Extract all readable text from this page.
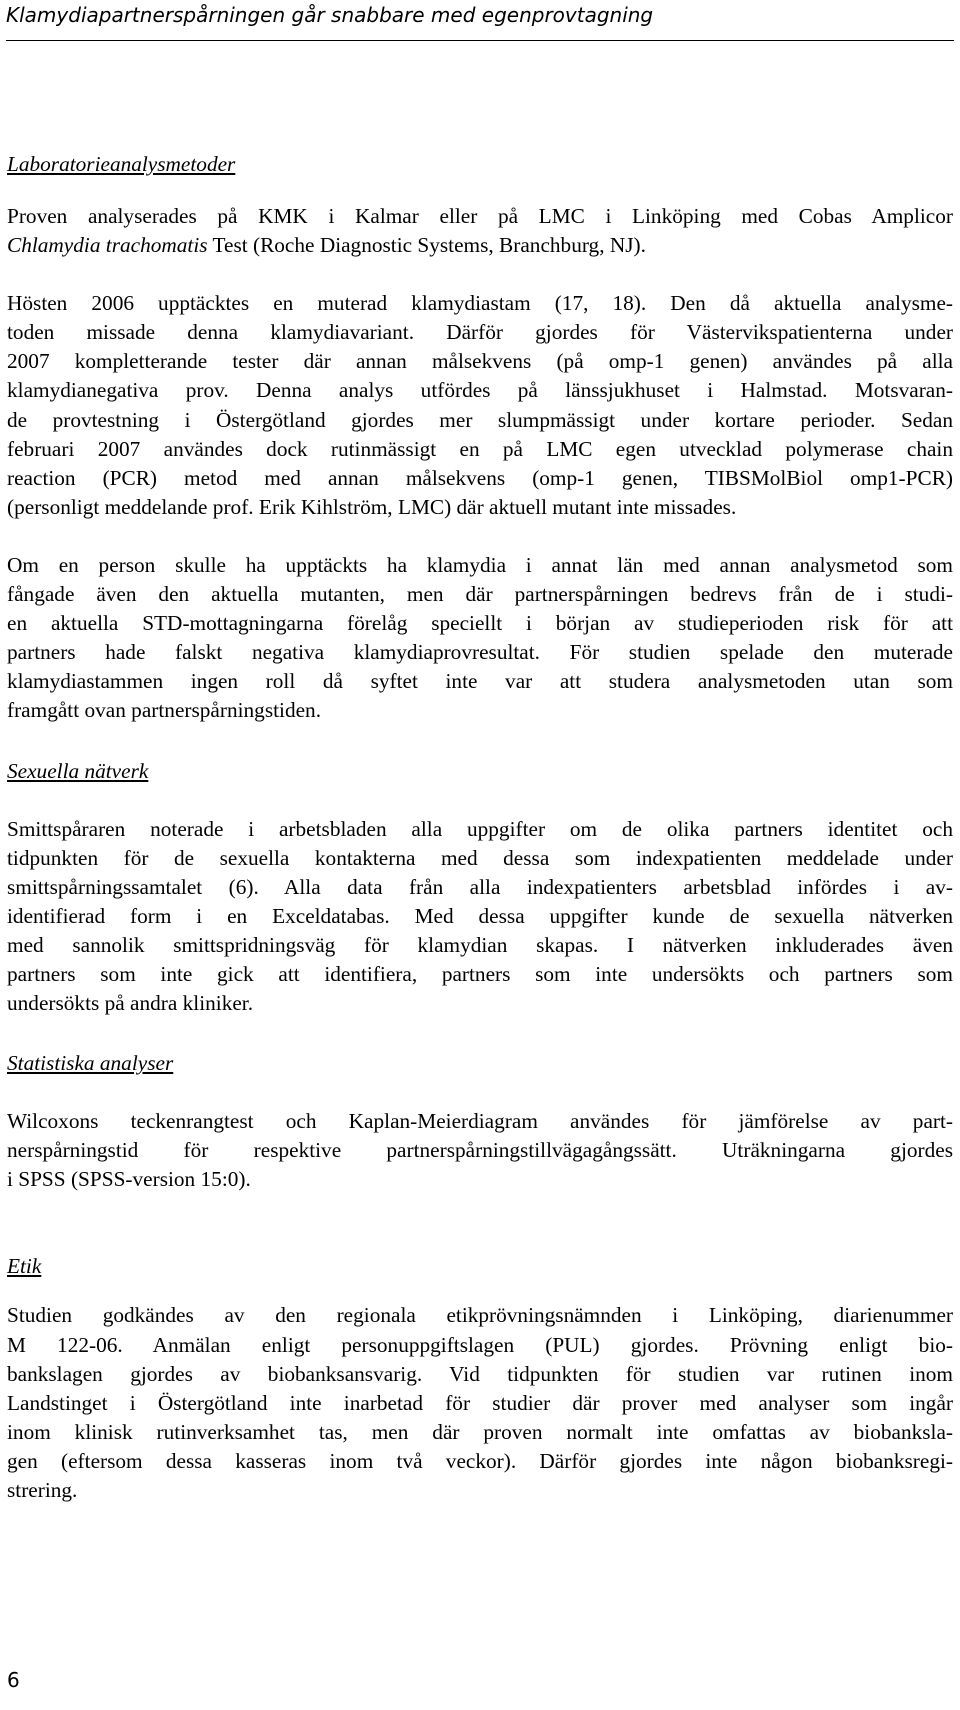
Klamydiapartnerspårningen går snabbare med egenprovtagning
Laboratorieanalysmetoder

Proven analyserades på KMK i Kalmar eller på LMC i Linköping med Cobas Amplicor
Chlamydia trachomatis Test (Roche Diagnostic Systems, Branchburg, NJ).

Hösten 2006 upptäcktes en muterad klamydiastam (17, 18). Den då aktuella analysme-
toden missade denna klamydiavariant. Därför gjordes för Västervikspatienterna under
2007 kompletterande tester där annan målsekvens (på omp-1 genen) användes på alla
klamydianegativa prov. Denna analys utfördes på länssjukhuset i Halmstad. Motsvaran-
de provtestning i Östergötland gjordes mer slumpmässigt under kortare perioder. Sedan
februari 2007 användes dock rutinmässigt en på LMC egen utvecklad polymerase chain
reaction (PCR) metod med annan målsekvens (omp-1 genen, TIBSMolBiol omp1-PCR)
(personligt meddelande prof. Erik Kihlström, LMC) där aktuell mutant inte missades.

Om en person skulle ha upptäckts ha klamydia i annat län med annan analysmetod som
fångade även den aktuella mutanten, men där partnerspårningen bedrevs från de i studi-
en aktuella STD-mottagningarna förelåg speciellt i början av studieperioden risk för att
partners hade falskt negativa klamydiaprovresultat. För studien spelade den muterade
klamydiastammen ingen roll då syftet inte var att studera analysmetoden utan som
framgått ovan partnerspårningstiden.

Sexuella nätverk

Smittspåraren noterade i arbetsbladen alla uppgifter om de olika partners identitet och
tidpunkten för de sexuella kontakterna med dessa som indexpatienten meddelade under
smittspårningssamtalet (6). Alla data från alla indexpatienters arbetsblad infördes i av-
identifierad form i en Exceldatabas. Med dessa uppgifter kunde de sexuella nätverken
med sannolik smittspridningsväg för klamydian skapas. I nätverken inkluderades även
partners som inte gick att identifiera, partners som inte undersökts och partners som
undersökts på andra kliniker.

Statistiska analyser

Wilcoxons teckenrangtest och Kaplan-Meierdiagram användes för jämförelse av part-
nerspårningstid för respektive partnerspårningstillvägagångssätt. Uträkningarna gjordes
i SPSS (SPSS-version 15:0).

Etik

Studien godkändes av den regionala etikprövningsnämnden i Linköping, diarienummer
M 122-06. Anmälan enligt personuppgiftslagen (PUL) gjordes. Prövning enligt bio-
bankslagen gjordes av biobanksansvarig. Vid tidpunkten för studien var rutinen inom
Landstinget i Östergötland inte inarbetad för studier där prover med analyser som ingår
inom klinisk rutinverksamhet tas, men där proven normalt inte omfattas av biobanksla-
gen (eftersom dessa kasseras inom två veckor). Därför gjordes inte någon biobanksregi-
strering.

6
